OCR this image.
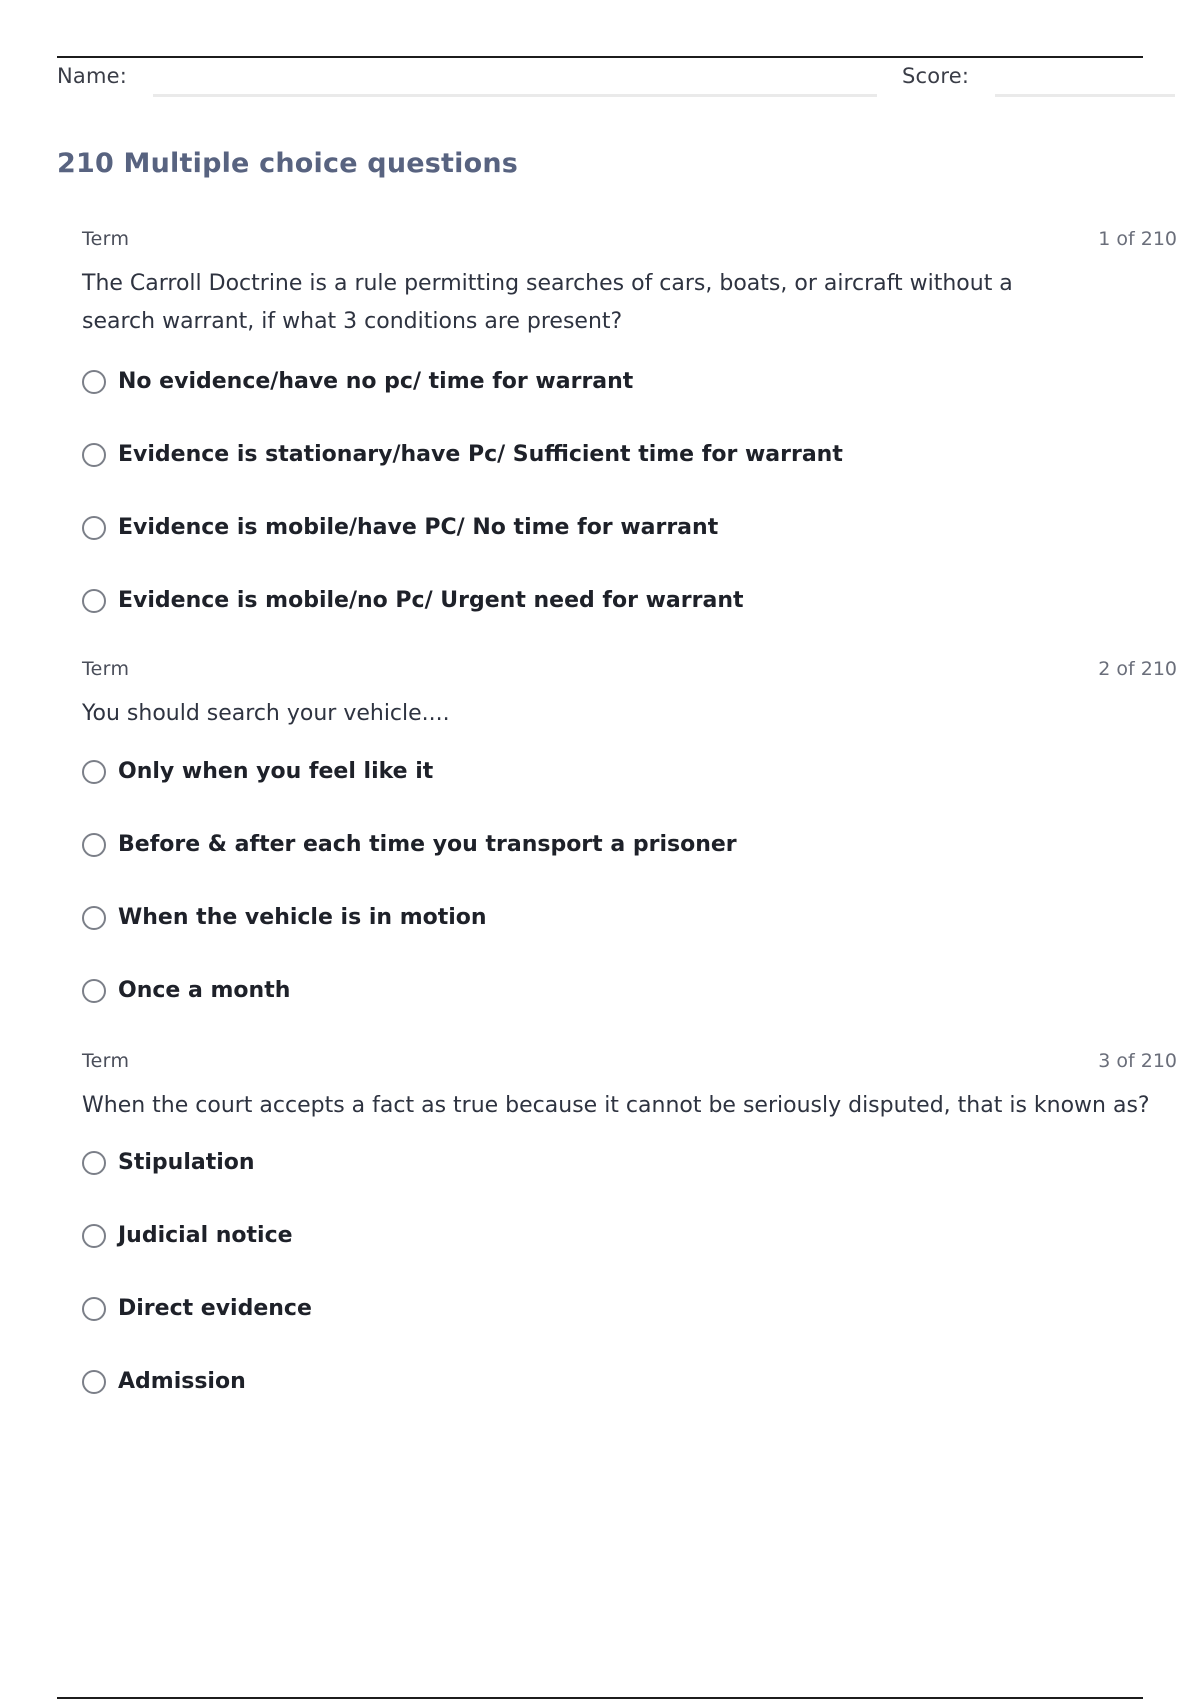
Name:	Score:
210 Multiple choice questions
Term	1 of 210

The Carroll Doctrine is a rule permitting searches of cars, boats, or aircraft without a search warrant, if what 3 conditions are present?

No evidence/have no pc/ time for warrant
Evidence is stationary/have Pc/ Sufficient time for warrant
Evidence is mobile/have PC/ No time for warrant
Evidence is mobile/no Pc/ Urgent need for warrant
Term	2 of 210

You should search your vehicle....

Only when you feel like it
Before & after each time you transport a prisoner
When the vehicle is in motion
Once a month
Term	3 of 210

When the court accepts a fact as true because it cannot be seriously disputed, that is known as?

Stipulation
Judicial notice
Direct evidence
Admission
